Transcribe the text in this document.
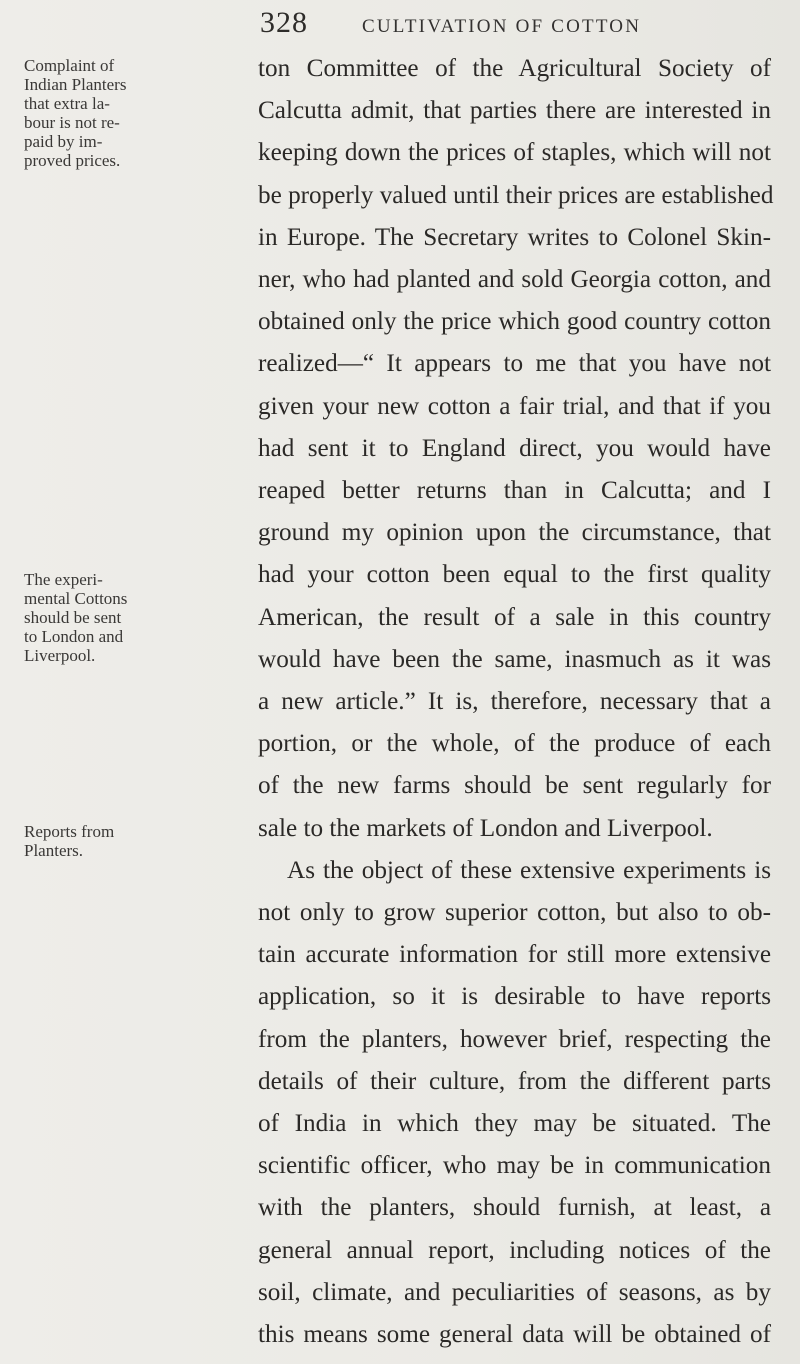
328	CULTIVATION OF COTTON
Complaint of
Indian Planters
that extra la-
bour is not re-
paid by im-
proved prices.
The experi-
mental Cottons
should be sent
to London and
Liverpool.
Reports from
Planters.
ton Committee of the Agricultural Society of
Calcutta admit, that parties there are interested in
keeping down the prices of staples, which will not
be properly valued until their prices are established
in Europe. The Secretary writes to Colonel Skin-
ner, who had planted and sold Georgia cotton, and
obtained only the price which good country cotton
realized—“ It appears to me that you have not
given your new cotton a fair trial, and that if you
had sent it to England direct, you would have
reaped better returns than in Calcutta; and I
ground my opinion upon the circumstance, that
had your cotton been equal to the first quality
American, the result of a sale in this country
would have been the same, inasmuch as it was
a new article.” It is, therefore, necessary that a
portion, or the whole, of the produce of each
of the new farms should be sent regularly for
sale to the markets of London and Liverpool.
As the object of these extensive experiments is
not only to grow superior cotton, but also to ob-
tain accurate information for still more extensive
application, so it is desirable to have reports
from the planters, however brief, respecting the
details of their culture, from the different parts
of India in which they may be situated. The
scientific officer, who may be in communication
with the planters, should furnish, at least, a
general annual report, including notices of the
soil, climate, and peculiarities of seasons, as by
this means some general data will be obtained of
